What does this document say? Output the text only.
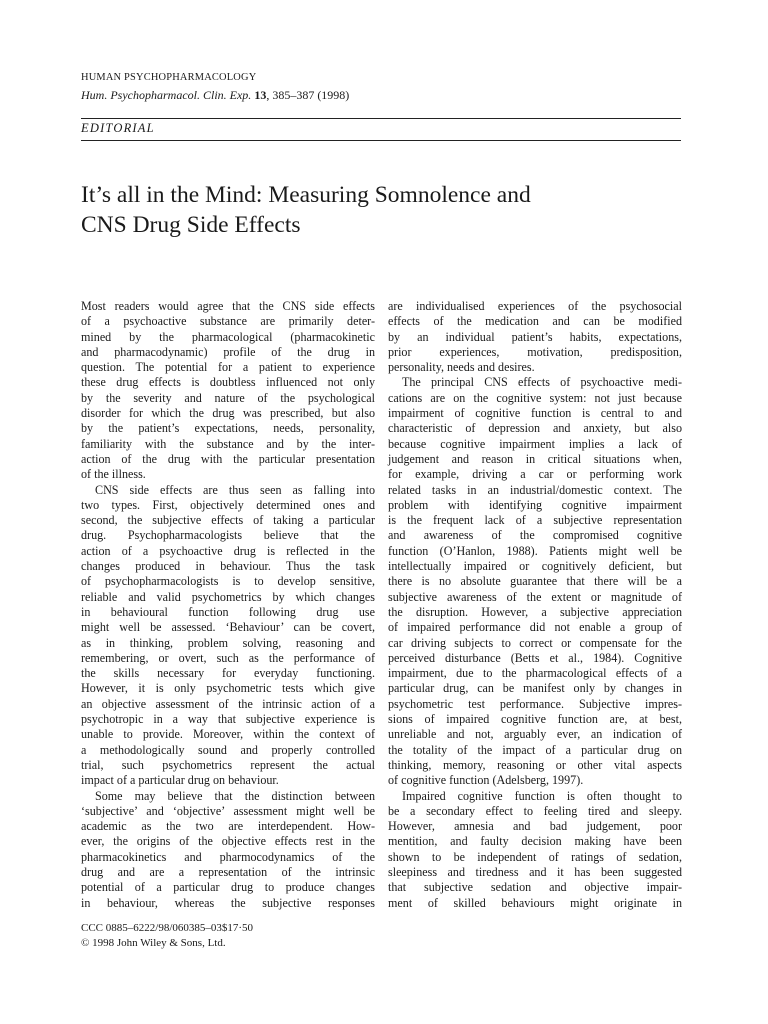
HUMAN PSYCHOPHARMACOLOGY
Hum. Psychopharmacol. Clin. Exp. 13, 385–387 (1998)
EDITORIAL
It’s all in the Mind: Measuring Somnolence and
CNS Drug Side Effects
Most readers would agree that the CNS side effects
of a psychoactive substance are primarily deter-
mined by the pharmacological (pharmacokinetic
and pharmacodynamic) profile of the drug in
question. The potential for a patient to experience
these drug effects is doubtless influenced not only
by the severity and nature of the psychological
disorder for which the drug was prescribed, but also
by the patient’s expectations, needs, personality,
familiarity with the substance and by the inter-
action of the drug with the particular presentation
of the illness.
CNS side effects are thus seen as falling into
two types. First, objectively determined ones and
second, the subjective effects of taking a particular
drug. Psychopharmacologists believe that the
action of a psychoactive drug is reflected in the
changes produced in behaviour. Thus the task
of psychopharmacologists is to develop sensitive,
reliable and valid psychometrics by which changes
in behavioural function following drug use
might well be assessed. ‘Behaviour’ can be covert,
as in thinking, problem solving, reasoning and
remembering, or overt, such as the performance of
the skills necessary for everyday functioning.
However, it is only psychometric tests which give
an objective assessment of the intrinsic action of a
psychotropic in a way that subjective experience is
unable to provide. Moreover, within the context of
a methodologically sound and properly controlled
trial, such psychometrics represent the actual
impact of a particular drug on behaviour.
Some may believe that the distinction between
‘subjective’ and ‘objective’ assessment might well be
academic as the two are interdependent. How-
ever, the origins of the objective effects rest in the
pharmacokinetics and pharmocodynamics of the
drug and are a representation of the intrinsic
potential of a particular drug to produce changes
in behaviour, whereas the subjective responses
are individualised experiences of the psychosocial
effects of the medication and can be modified
by an individual patient’s habits, expectations,
prior experiences, motivation, predisposition,
personality, needs and desires.
The principal CNS effects of psychoactive medi-
cations are on the cognitive system: not just because
impairment of cognitive function is central to and
characteristic of depression and anxiety, but also
because cognitive impairment implies a lack of
judgement and reason in critical situations when,
for example, driving a car or performing work
related tasks in an industrial/domestic context. The
problem with identifying cognitive impairment
is the frequent lack of a subjective representation
and awareness of the compromised cognitive
function (O’Hanlon, 1988). Patients might well be
intellectually impaired or cognitively deficient, but
there is no absolute guarantee that there will be a
subjective awareness of the extent or magnitude of
the disruption. However, a subjective appreciation
of impaired performance did not enable a group of
car driving subjects to correct or compensate for the
perceived disturbance (Betts et al., 1984). Cognitive
impairment, due to the pharmacological effects of a
particular drug, can be manifest only by changes in
psychometric test performance. Subjective impres-
sions of impaired cognitive function are, at best,
unreliable and not, arguably ever, an indication of
the totality of the impact of a particular drug on
thinking, memory, reasoning or other vital aspects
of cognitive function (Adelsberg, 1997).
Impaired cognitive function is often thought to
be a secondary effect to feeling tired and sleepy.
However, amnesia and bad judgement, poor
mentition, and faulty decision making have been
shown to be independent of ratings of sedation,
sleepiness and tiredness and it has been suggested
that subjective sedation and objective impair-
ment of skilled behaviours might originate in
CCC 0885–6222/98/060385–03$17·50
© 1998 John Wiley & Sons, Ltd.
